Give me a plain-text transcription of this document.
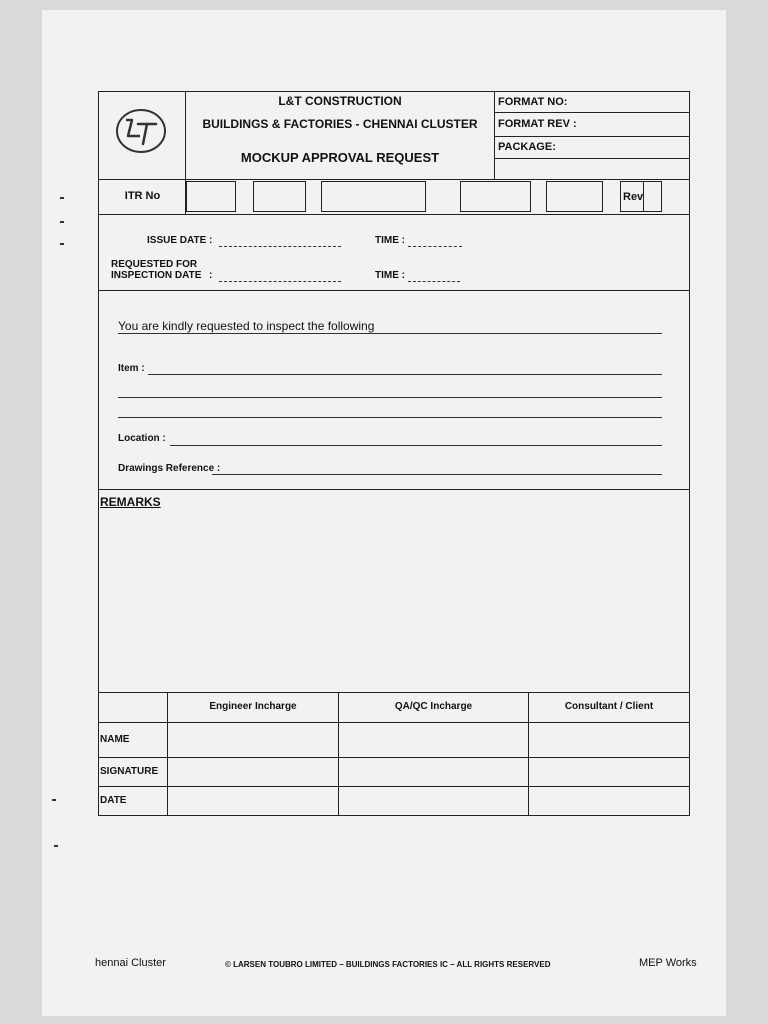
L&T CONSTRUCTION
BUILDINGS & FACTORIES - CHENNAI CLUSTER
MOCKUP APPROVAL REQUEST
FORMAT NO:
FORMAT REV :
PACKAGE:
ITR No	Rev
ISSUE DATE :	TIME :
REQUESTED FOR
INSPECTION DATE :	TIME :
You are kindly requested to inspect the following
Item :
Location :
Drawings Reference :
REMARKS
Engineer Incharge	QA/QC Incharge	Consultant / Client
NAME
SIGNATURE
DATE
hennai Cluster	© LARSEN TOUBRO LIMITED – BUILDINGS FACTORIES IC – ALL RIGHTS RESERVED	MEP Works
